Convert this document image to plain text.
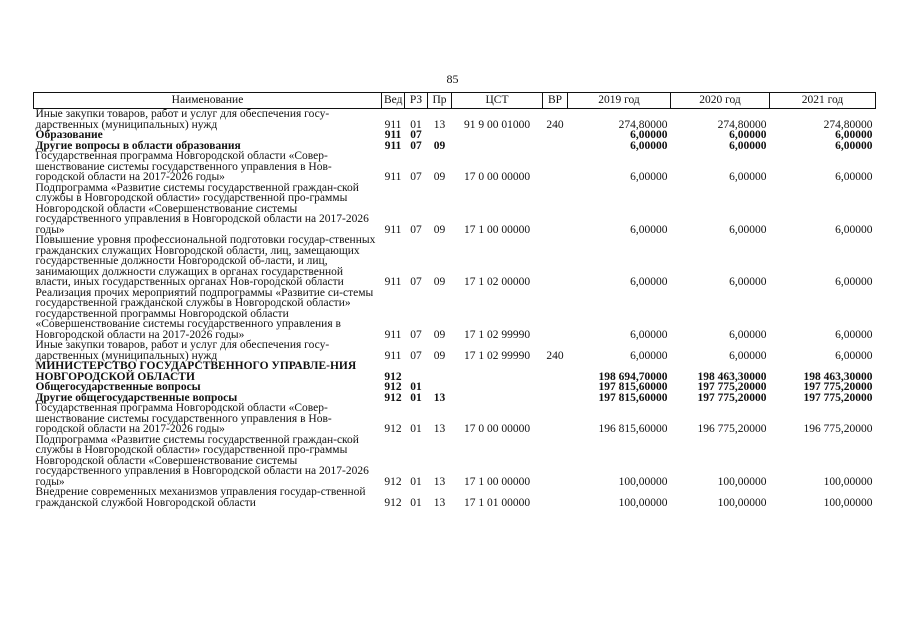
85
Наименование	Вед	РЗ	Пр	ЦСТ	ВР	2019 год	2020 год	2021 год
Иные закупки товаров, работ и услуг для обеспечения госу-дарственных (муниципальных) нужд	911	01	13	91 9 00 01000	240	274,80000	274,80000	274,80000
Образование	911	07				6,00000	6,00000	6,00000
Другие вопросы в области образования	911	07	09			6,00000	6,00000	6,00000
Государственная программа Новгородской области «Совер-шенствование системы государственного управления в Нов-городской области на 2017-2026 годы»	911	07	09	17 0 00 00000		6,00000	6,00000	6,00000
Подпрограмма «Развитие системы государственной граждан-ской службы в Новгородской области» государственной про-граммы Новгородской области «Совершенствование системы государственного управления в Новгородской области на 2017-2026 годы»	911	07	09	17 1 00 00000		6,00000	6,00000	6,00000
Повышение уровня профессиональной подготовки государ-ственных гражданских служащих Новгородской области, лиц, замещающих государственные должности Новгородской об-ласти, и лиц, занимающих должности служащих в органах государственной власти, иных государственных органах Нов-городской области	911	07	09	17 1 02 00000		6,00000	6,00000	6,00000
Реализация прочих мероприятий подпрограммы «Развитие си-стемы государственной гражданской службы в Новгородской области» государственной программы Новгородской области «Совершенствование системы государственного управления в Новгородской области на 2017-2026 годы»	911	07	09	17 1 02 99990		6,00000	6,00000	6,00000
Иные закупки товаров, работ и услуг для обеспечения госу-дарственных (муниципальных) нужд	911	07	09	17 1 02 99990	240	6,00000	6,00000	6,00000
МИНИСТЕРСТВО ГОСУДАРСТВЕННОГО УПРАВЛЕ-НИЯ НОВГОРОДСКОЙ ОБЛАСТИ	912					198 694,70000	198 463,30000	198 463,30000
Общегосударственные вопросы	912	01				197 815,60000	197 775,20000	197 775,20000
Другие общегосударственные вопросы	912	01	13			197 815,60000	197 775,20000	197 775,20000
Государственная программа Новгородской области «Совер-шенствование системы государственного управления в Нов-городской области на 2017-2026 годы»	912	01	13	17 0 00 00000		196 815,60000	196 775,20000	196 775,20000
Подпрограмма «Развитие системы государственной граждан-ской службы в Новгородской области» государственной про-граммы Новгородской области «Совершенствование системы государственного управления в Новгородской области на 2017-2026 годы»	912	01	13	17 1 00 00000		100,00000	100,00000	100,00000
Внедрение современных механизмов управления государ-ственной гражданской службой Новгородской области	912	01	13	17 1 01 00000		100,00000	100,00000	100,00000
